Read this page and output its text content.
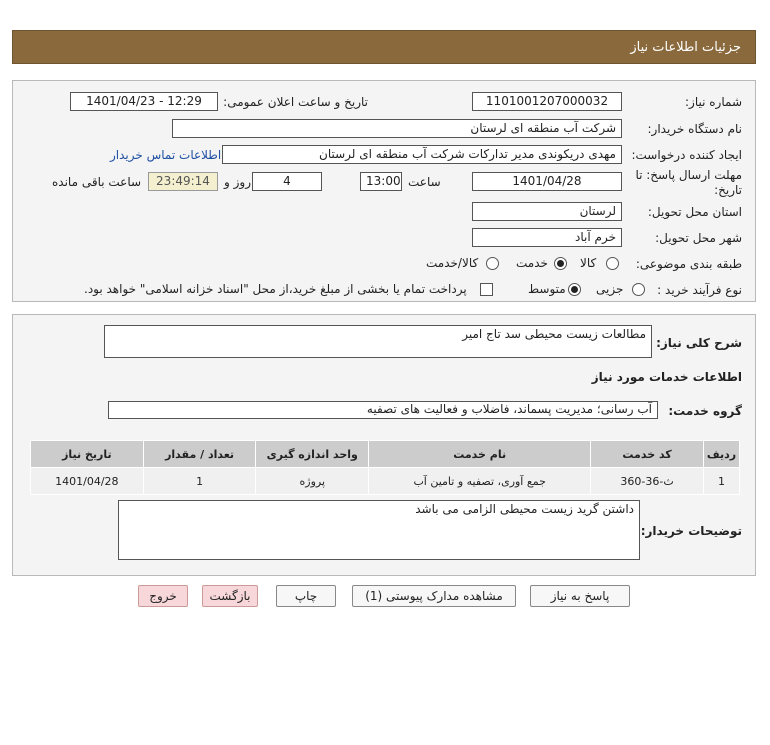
جزئیات اطلاعات نیاز
شماره نیاز:
1101001207000032
تاریخ و ساعت اعلان عمومی:
1401/04/23 - 12:29
نام دستگاه خریدار:
شرکت آب منطقه ای لرستان
ایجاد کننده درخواست:
مهدی دریکوندی مدیر تدارکات شرکت آب منطقه ای لرستان
اطلاعات تماس خریدار
مهلت ارسال پاسخ: تا
تاریخ:
1401/04/28
ساعت
13:00
4
روز و
23:49:14
ساعت باقی مانده
استان محل تحویل:
لرستان
شهر محل تحویل:
خرم آباد
طبقه بندی موضوعی:
کالا
خدمت
کالا/خدمت
نوع فرآیند خرید :
جزیی
متوسط
پرداخت تمام یا بخشی از مبلغ خرید،از محل "اسناد خزانه اسلامی" خواهد بود.
شرح کلی نیاز:
مطالعات زیست محیطی سد تاج امیر
اطلاعات خدمات مورد نیاز
گروه خدمت:
آب رسانی؛ مدیریت پسماند، فاضلاب و فعالیت های تصفیه
ردیف	کد خدمت	نام خدمت	واحد اندازه گیری	تعداد / مقدار	تاریخ نیاز
1	ث-36-360	جمع آوری، تصفیه و تامین آب	پروژه	1	1401/04/28
توضیحات خریدار:
داشتن گرید زیست محیطی الزامی می باشد
پاسخ به نیاز
مشاهده مدارک پیوستی (1)
چاپ
بازگشت
خروج
